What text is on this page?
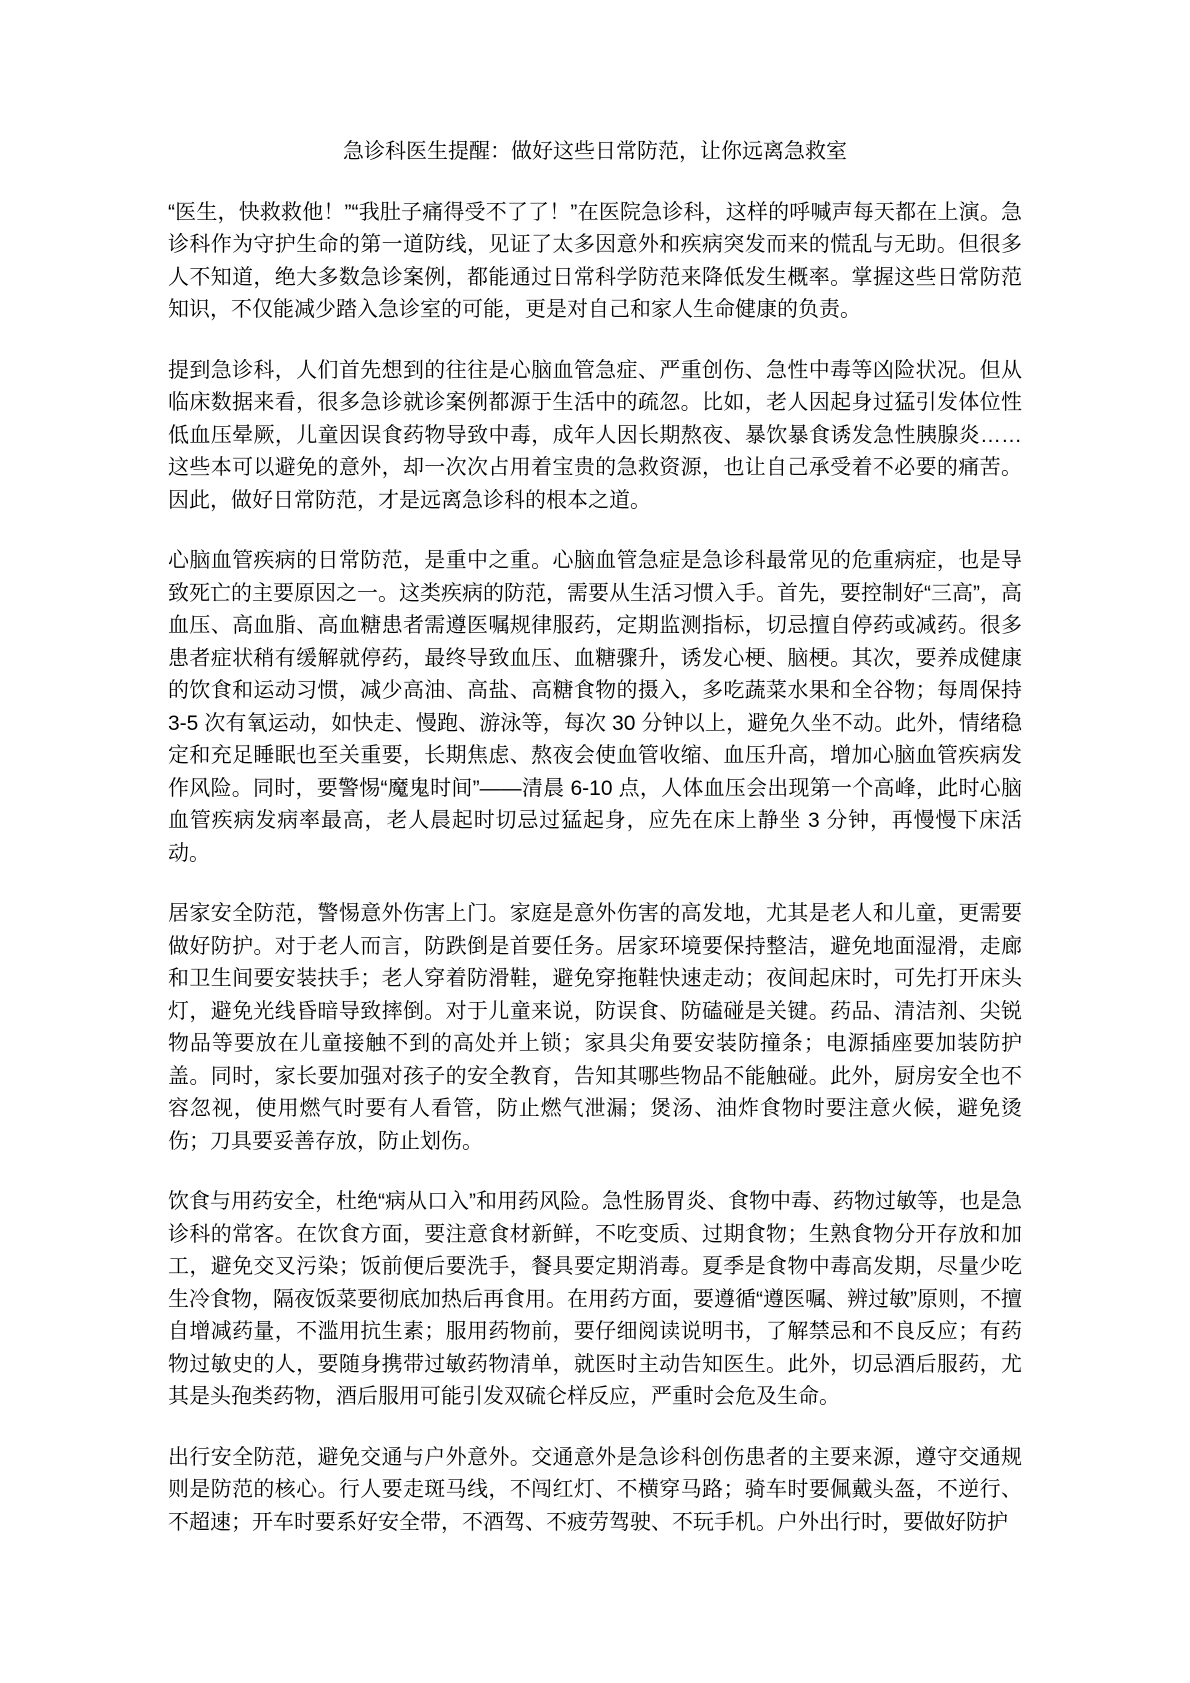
急诊科医生提醒：做好这些日常防范，让你远离急救室

“医生，快救救他！”“我肚子痛得受不了了！”在医院急诊科，这样的呼喊声每天都在上演。急诊科作为守护生命的第一道防线，见证了太多因意外和疾病突发而来的慌乱与无助。但很多人不知道，绝大多数急诊案例，都能通过日常科学防范来降低发生概率。掌握这些日常防范知识，不仅能减少踏入急诊室的可能，更是对自己和家人生命健康的负责。

提到急诊科，人们首先想到的往往是心脑血管急症、严重创伤、急性中毒等凶险状况。但从临床数据来看，很多急诊就诊案例都源于生活中的疏忽。比如，老人因起身过猛引发体位性低血压晕厥，儿童因误食药物导致中毒，成年人因长期熬夜、暴饮暴食诱发急性胰腺炎……这些本可以避免的意外，却一次次占用着宝贵的急救资源，也让自己承受着不必要的痛苦。因此，做好日常防范，才是远离急诊科的根本之道。

心脑血管疾病的日常防范，是重中之重。心脑血管急症是急诊科最常见的危重病症，也是导致死亡的主要原因之一。这类疾病的防范，需要从生活习惯入手。首先，要控制好“三高”，高血压、高血脂、高血糖患者需遵医嘱规律服药，定期监测指标，切忌擅自停药或减药。很多患者症状稍有缓解就停药，最终导致血压、血糖骤升，诱发心梗、脑梗。其次，要养成健康的饮食和运动习惯，减少高油、高盐、高糖食物的摄入，多吃蔬菜水果和全谷物；每周保持 3-5 次有氧运动，如快走、慢跑、游泳等，每次 30 分钟以上，避免久坐不动。此外，情绪稳定和充足睡眠也至关重要，长期焦虑、熬夜会使血管收缩、血压升高，增加心脑血管疾病发作风险。同时，要警惕“魔鬼时间”——清晨 6-10 点，人体血压会出现第一个高峰，此时心脑血管疾病发病率最高，老人晨起时切忌过猛起身，应先在床上静坐 3 分钟，再慢慢下床活动。

居家安全防范，警惕意外伤害上门。家庭是意外伤害的高发地，尤其是老人和儿童，更需要做好防护。对于老人而言，防跌倒是首要任务。居家环境要保持整洁，避免地面湿滑，走廊和卫生间要安装扶手；老人穿着防滑鞋，避免穿拖鞋快速走动；夜间起床时，可先打开床头灯，避免光线昏暗导致摔倒。对于儿童来说，防误食、防磕碰是关键。药品、清洁剂、尖锐物品等要放在儿童接触不到的高处并上锁；家具尖角要安装防撞条；电源插座要加装防护盖。同时，家长要加强对孩子的安全教育，告知其哪些物品不能触碰。此外，厨房安全也不容忽视，使用燃气时要有人看管，防止燃气泄漏；煲汤、油炸食物时要注意火候，避免烫伤；刀具要妥善存放，防止划伤。

饮食与用药安全，杜绝“病从口入”和用药风险。急性肠胃炎、食物中毒、药物过敏等，也是急诊科的常客。在饮食方面，要注意食材新鲜，不吃变质、过期食物；生熟食物分开存放和加工，避免交叉污染；饭前便后要洗手，餐具要定期消毒。夏季是食物中毒高发期，尽量少吃生冷食物，隔夜饭菜要彻底加热后再食用。在用药方面，要遵循“遵医嘱、辨过敏”原则，不擅自增减药量，不滥用抗生素；服用药物前，要仔细阅读说明书，了解禁忌和不良反应；有药物过敏史的人，要随身携带过敏药物清单，就医时主动告知医生。此外，切忌酒后服药，尤其是头孢类药物，酒后服用可能引发双硫仑样反应，严重时会危及生命。

出行安全防范，避免交通与户外意外。交通意外是急诊科创伤患者的主要来源，遵守交通规则是防范的核心。行人要走斑马线，不闯红灯、不横穿马路；骑车时要佩戴头盔，不逆行、不超速；开车时要系好安全带，不酒驾、不疲劳驾驶、不玩手机。户外出行时，要做好防护
